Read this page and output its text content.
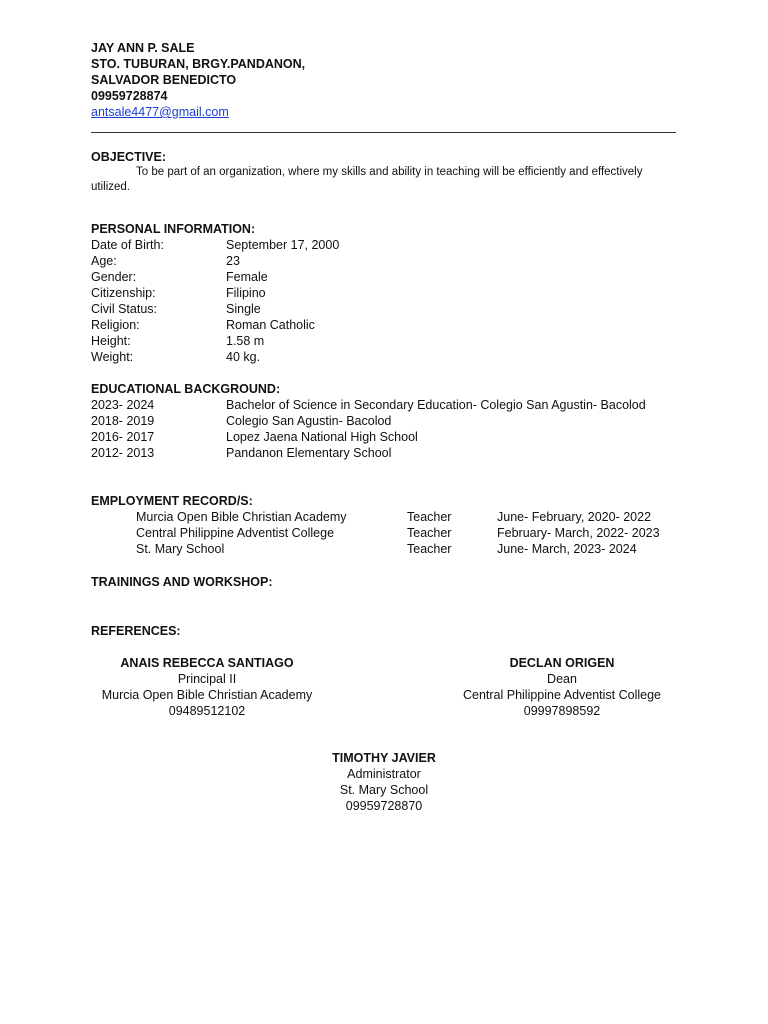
JAY ANN P. SALE
STO. TUBURAN, BRGY.PANDANON,
SALVADOR BENEDICTO
09959728874
antsale4477@gmail.com
OBJECTIVE:
To be part of an organization, where my skills and ability in teaching will be efficiently and effectively utilized.
PERSONAL INFORMATION:
Date of Birth:	September 17, 2000
Age:	23
Gender:	Female
Citizenship:	Filipino
Civil Status:	Single
Religion:	Roman Catholic
Height:	1.58 m
Weight:	40 kg.
EDUCATIONAL BACKGROUND:
2023- 2024	Bachelor of Science in Secondary Education- Colegio San Agustin- Bacolod
2018- 2019	Colegio San Agustin- Bacolod
2016- 2017	Lopez Jaena National High School
2012- 2013	Pandanon Elementary School
EMPLOYMENT RECORD/S:
Murcia Open Bible Christian Academy	Teacher	June- February, 2020- 2022
Central Philippine Adventist College	Teacher	February- March, 2022- 2023
St. Mary School	Teacher	June- March, 2023- 2024
TRAININGS AND WORKSHOP:
REFERENCES:
ANAIS REBECCA SANTIAGO
Principal II
Murcia Open Bible Christian Academy
09489512102
DECLAN ORIGEN
Dean
Central Philippine Adventist College
09997898592
TIMOTHY JAVIER
Administrator
St. Mary School
09959728870
